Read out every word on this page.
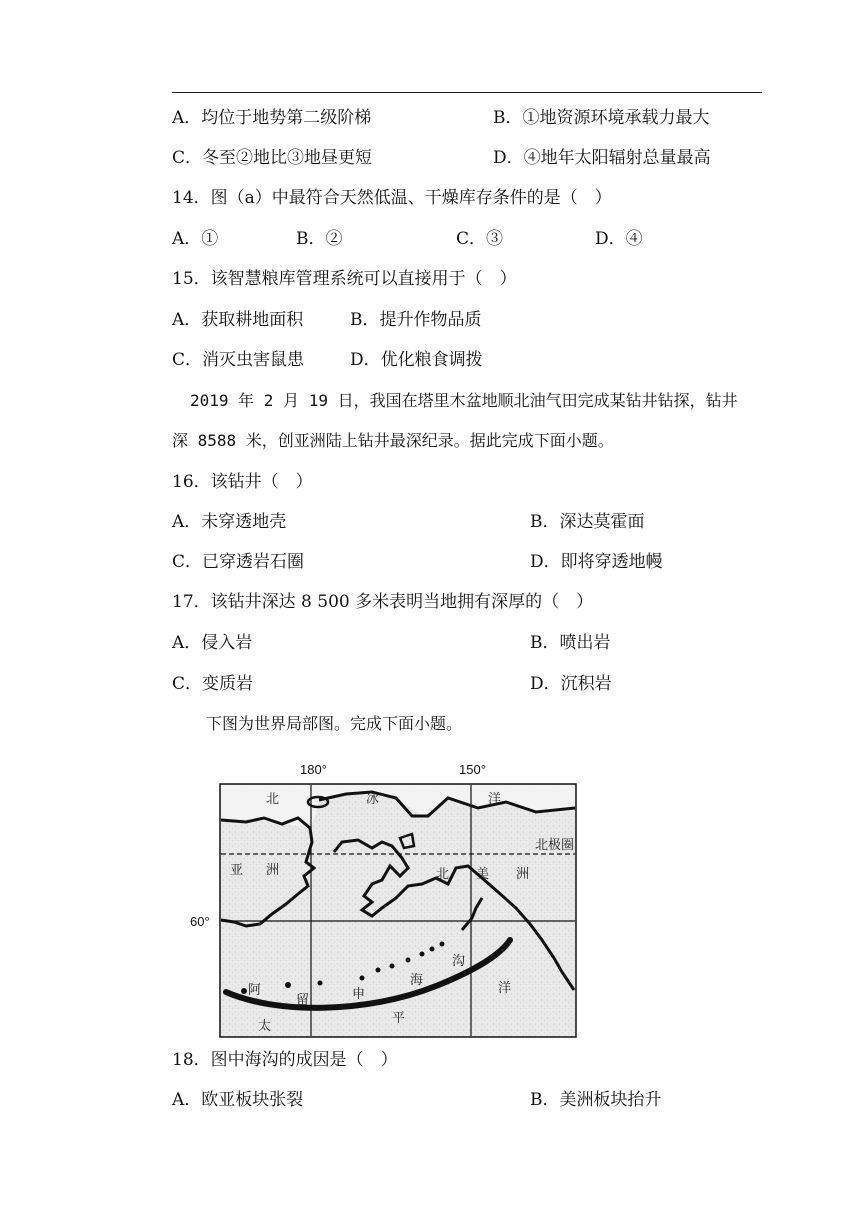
A．均位于地势第二级阶梯	B．①地资源环境承载力最大
C．冬至②地比③地昼更短	D．④地年太阳辐射总量最高
14．图（a）中最符合天然低温、干燥库存条件的是（　）
A．①	B．②	C．③	D．④
15．该智慧粮库管理系统可以直接用于（　）
A．获取耕地面积	B．提升作物品质
C．消灭虫害鼠患	D．优化粮食调拨
2019 年 2 月 19 日，我国在塔里木盆地顺北油气田完成某钻井钻探，钻井
深 8588 米，创亚洲陆上钻井最深纪录。据此完成下面小题。
16．该钻井（　）
A．未穿透地壳	B．深达莫霍面
C．已穿透岩石圈	D．即将穿透地幔
17．该钻井深达 8 500 多米表明当地拥有深厚的（　）
A．侵入岩	B．喷出岩
C．变质岩	D．沉积岩
下图为世界局部图。完成下面小题。
180°	150°
60°
北极圈
北	冰	洋
亚 洲	北 美 洲
阿
留	申
海
沟
洋
太
平
18．图中海沟的成因是（　）
A．欧亚板块张裂	B．美洲板块抬升
